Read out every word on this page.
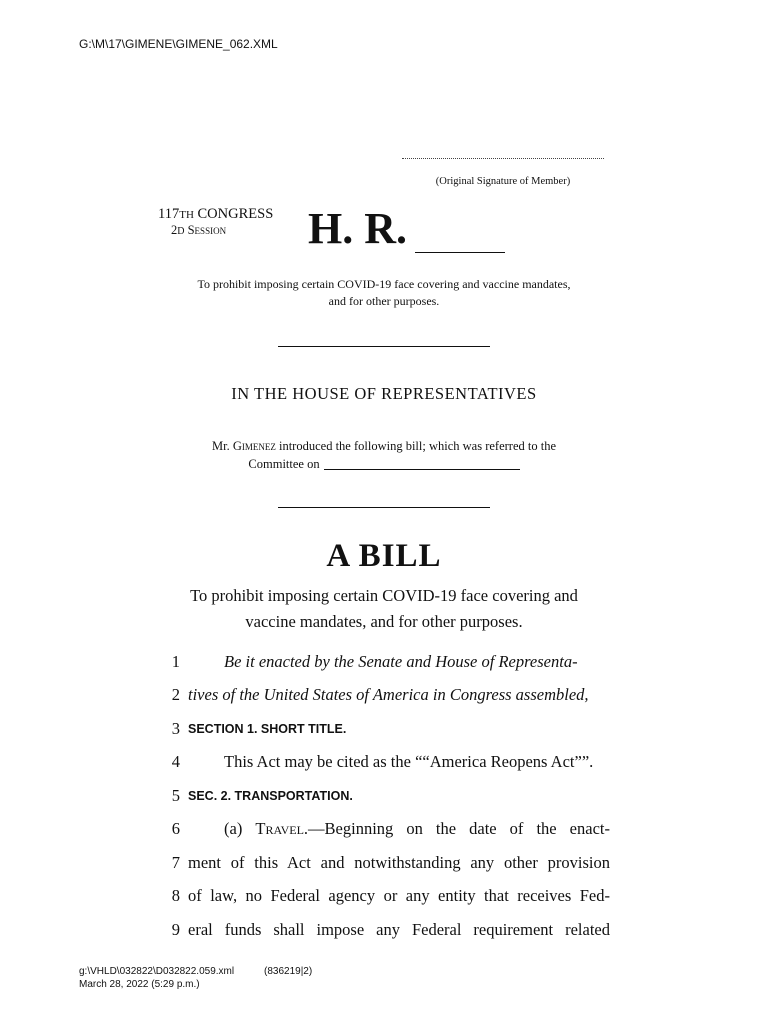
G:\M\17\GIMENE\GIMENE_062.XML
(Original Signature of Member)
117TH CONGRESS
2D Session H. R.
To prohibit imposing certain COVID-19 face covering and vaccine mandates,
and for other purposes.
IN THE HOUSE OF REPRESENTATIVES
Mr. Gimenez introduced the following bill; which was referred to the
Committee on
A BILL
To prohibit imposing certain COVID-19 face covering and
vaccine mandates, and for other purposes.
1	Be it enacted by the Senate and House of Representa-
2 tives of the United States of America in Congress assembled,
3 SECTION 1. SHORT TITLE.
4	This Act may be cited as the ““America Reopens Act””.
5 SEC. 2. TRANSPORTATION.
6	(a) Travel.—Beginning on the date of the enact-
7 ment of this Act and notwithstanding any other provision
8 of law, no Federal agency or any entity that receives Fed-
9 eral funds shall impose any Federal requirement related
g:\VHLD\032822\D032822.059.xml	(836219|2)
March 28, 2022 (5:29 p.m.)
